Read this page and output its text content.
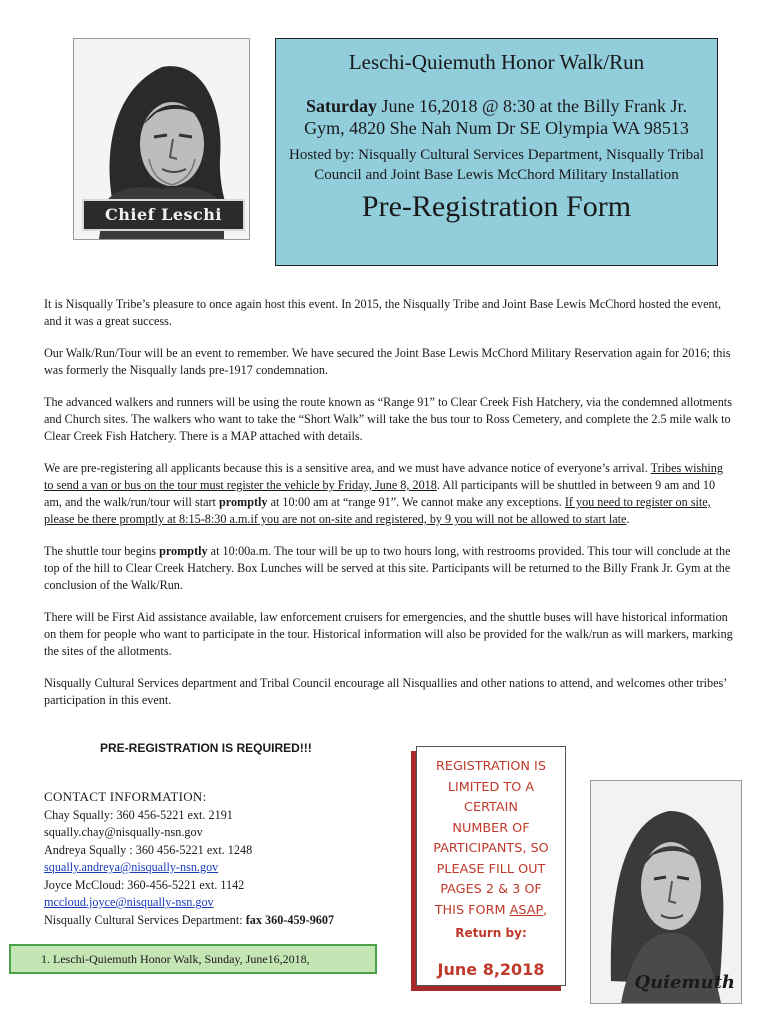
Chief Leschi
Leschi-Quiemuth Honor Walk/Run
Saturday June 16,2018 @ 8:30 at the Billy Frank Jr. Gym, 4820 She Nah Num Dr SE Olympia WA 98513
Hosted by: Nisqually Cultural Services Department, Nisqually Tribal Council and Joint Base Lewis McChord Military Installation
Pre-Registration Form

It is Nisqually Tribe’s pleasure to once again host this event. In 2015, the Nisqually Tribe and Joint Base Lewis McChord hosted the event, and it was a great success.

Our Walk/Run/Tour will be an event to remember. We have secured the Joint Base Lewis McChord Military Reservation again for 2016; this was formerly the Nisqually lands pre-1917 condemnation.

The advanced walkers and runners will be using the route known as “Range 91” to Clear Creek Fish Hatchery, via the condemned allotments and Church sites. The walkers who want to take the “Short Walk” will take the bus tour to Ross Cemetery, and complete the 2.5 mile walk to Clear Creek Fish Hatchery. There is a MAP attached with details.

We are pre-registering all applicants because this is a sensitive area, and we must have advance notice of everyone’s arrival. Tribes wishing to send a van or bus on the tour must register the vehicle by Friday, June 8, 2018. All participants will be shuttled in between 9 am and 10 am, and the walk/run/tour will start promptly at 10:00 am at “range 91”. We cannot make any exceptions. If you need to register on site, please be there promptly at 8:15-8:30 a.m.if you are not on-site and registered, by 9 you will not be allowed to start late.

The shuttle tour begins promptly at 10:00a.m. The tour will be up to two hours long, with restrooms provided. This tour will conclude at the top of the hill to Clear Creek Hatchery. Box Lunches will be served at this site. Participants will be returned to the Billy Frank Jr. Gym at the conclusion of the Walk/Run.

There will be First Aid assistance available, law enforcement cruisers for emergencies, and the shuttle buses will have historical information on them for people who want to participate in the tour. Historical information will also be provided for the walk/run as will markers, marking the sites of the allotments.

Nisqually Cultural Services department and Tribal Council encourage all Nisquallies and other nations to attend, and welcomes other tribes’ participation in this event.

PRE-REGISTRATION IS REQUIRED!!!
CONTACT INFORMATION:
Chay Squally: 360 456-5221 ext. 2191
squally.chay@nisqually-nsn.gov
Andreya Squally : 360 456-5221 ext. 1248
squally.andreya@nisqually-nsn.gov
Joyce McCloud: 360-456-5221 ext. 1142
mccloud.joyce@nisqually-nsn.gov
Nisqually Cultural Services Department: fax 360-459-9607
1. Leschi-Quiemuth Honor Walk, Sunday, June16,2018,
REGISTRATION IS
LIMITED TO A
CERTAIN
NUMBER OF
PARTICIPANTS, SO
PLEASE FILL OUT
PAGES 2 & 3 OF
THIS FORM ASAP,
Return by:
June 8,2018
Quiemuth
